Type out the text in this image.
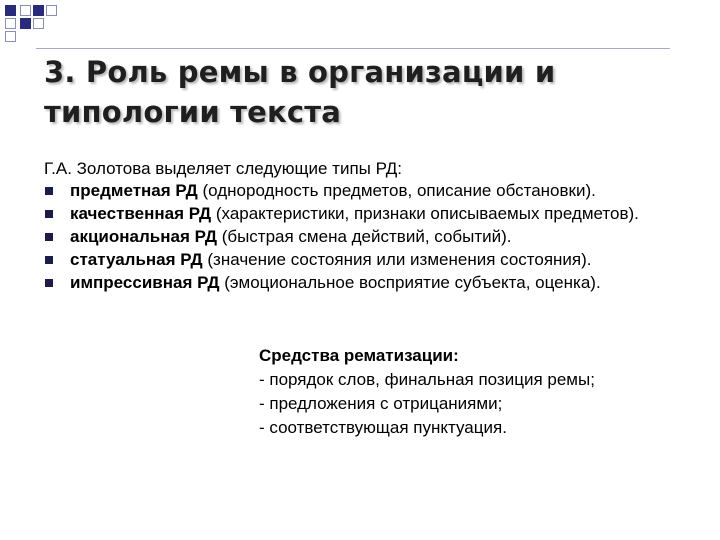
3. Роль ремы в организации и
типологии текста
Г.А. Золотова выделяет следующие типы РД:
предметная РД (однородность предметов, описание обстановки).
качественная РД (характеристики, признаки описываемых предметов).
акциональная РД (быстрая смена действий, событий).
статуальная РД (значение состояния или изменения состояния).
импрессивная РД (эмоциональное восприятие субъекта, оценка).
Средства рематизации:
- порядок слов, финальная позиция ремы;
- предложения с отрицаниями;
- соответствующая пунктуация.
